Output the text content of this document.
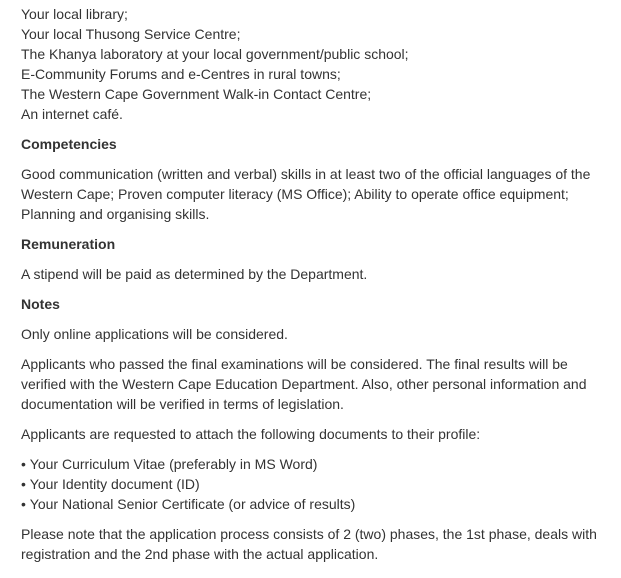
Your local library;
Your local Thusong Service Centre;
The Khanya laboratory at your local government/public school;
E-Community Forums and e-Centres in rural towns;
The Western Cape Government Walk-in Contact Centre;
An internet café.
Competencies

Good communication (written and verbal) skills in at least two of the official languages of the Western Cape; Proven computer literacy (MS Office); Ability to operate office equipment; Planning and organising skills.

Remuneration

A stipend will be paid as determined by the Department.

Notes

Only online applications will be considered.

Applicants who passed the final examinations will be considered. The final results will be verified with the Western Cape Education Department. Also, other personal information and documentation will be verified in terms of legislation.

Applicants are requested to attach the following documents to their profile:

• Your Curriculum Vitae (preferably in MS Word)
• Your Identity document (ID)
• Your National Senior Certificate (or advice of results)

Please note that the application process consists of 2 (two) phases, the 1st phase, deals with registration and the 2nd phase with the actual application.
